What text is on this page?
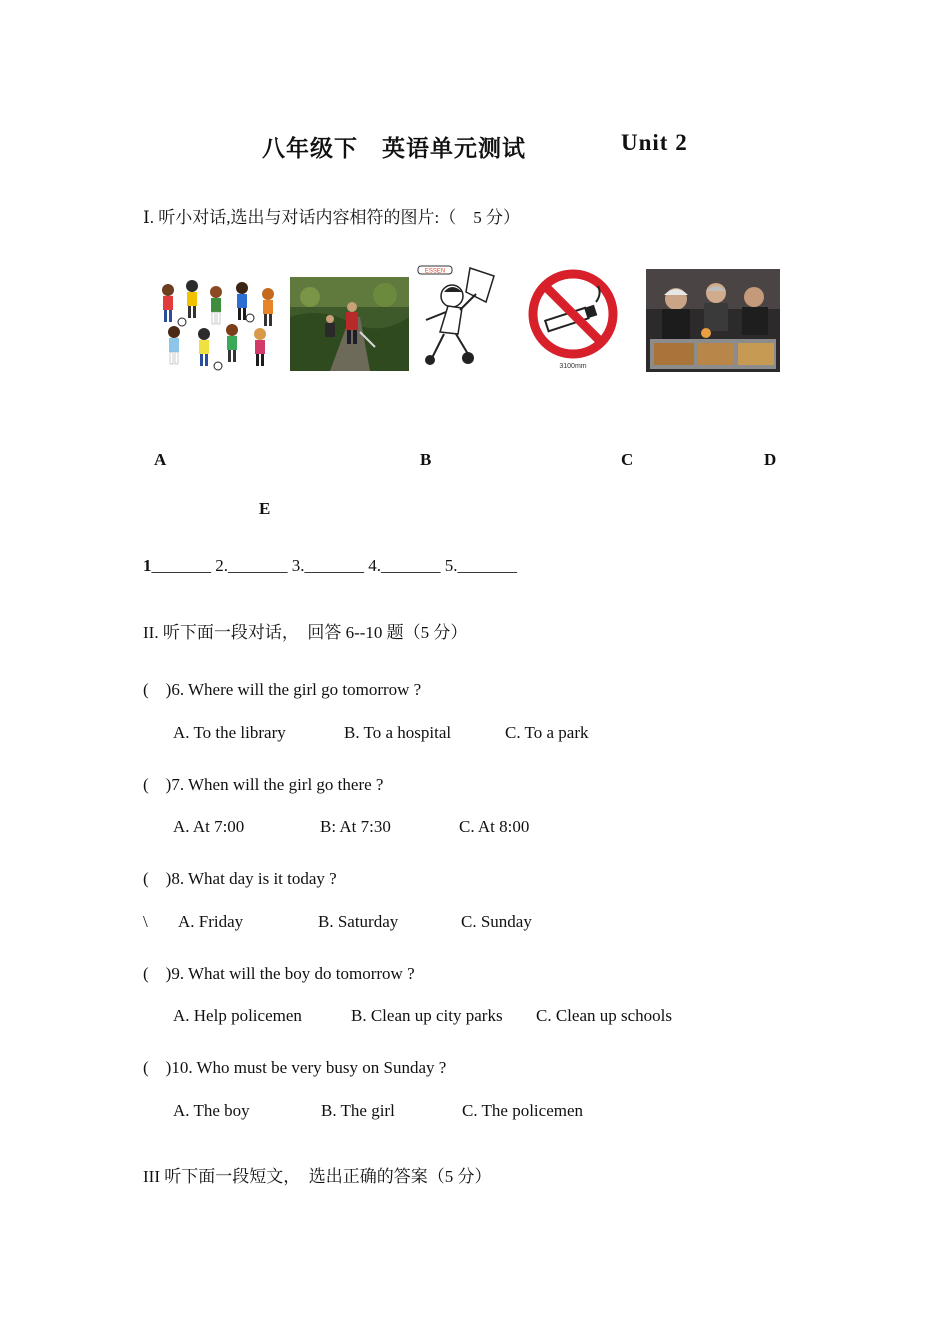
八年级下　英语单元测试	Unit 2
Ⅰ. 听小对话,选出与对话内容相符的图片:（　5 分）
ESSEN
3100mm
A	B	C	D
E
1_______ 2._______ 3._______ 4._______ 5._______
II. 听下面一段对话，　回答 6--10 题（5 分）
(　)6. Where will the girl go tomorrow ?
A. To the library	B. To a hospital	C. To a park
(　)7. When will the girl go there ?
A. At 7:00	B: At 7:30	C. At 8:00
(　)8. What day is it today ?
\ A. Friday	B. Saturday	C. Sunday
(　)9. What will the boy do tomorrow ?
A. Help policemen	B. Clean up city parks C. Clean up schools
(　)10. Who must be very busy on Sunday ?
A. The boy	B. The girl	C. The policemen
III 听下面一段短文，　选出正确的答案（5 分）
